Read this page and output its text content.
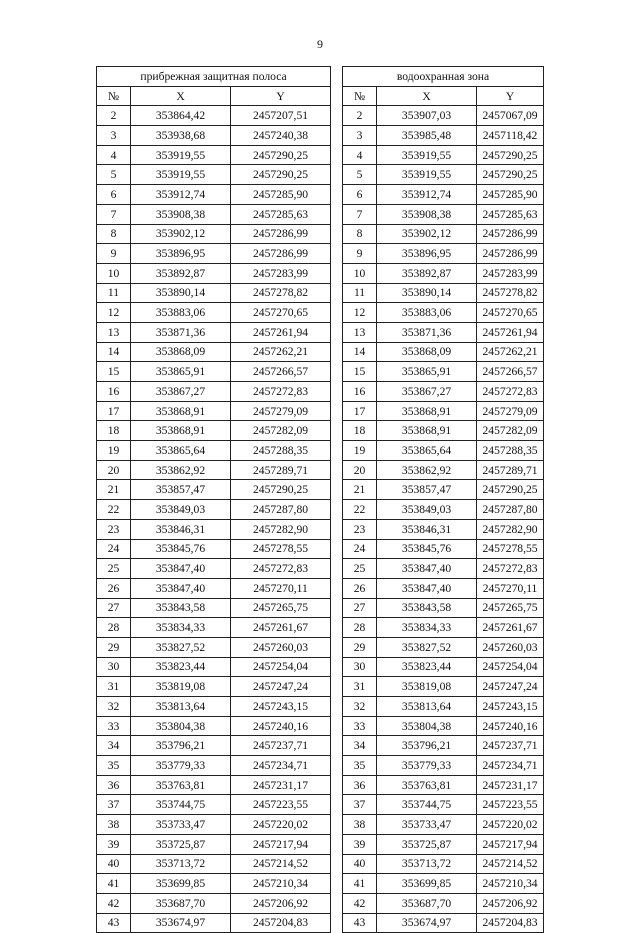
9
прибрежная защитная полоса				водоохранная зона		
№	X	Y		№	X	Y
2	353864,42	2457207,51		2	353907,03	2457067,09
3	353938,68	2457240,38		3	353985,48	2457118,42
4	353919,55	2457290,25		4	353919,55	2457290,25
5	353919,55	2457290,25		5	353919,55	2457290,25
6	353912,74	2457285,90		6	353912,74	2457285,90
7	353908,38	2457285,63		7	353908,38	2457285,63
8	353902,12	2457286,99		8	353902,12	2457286,99
9	353896,95	2457286,99		9	353896,95	2457286,99
10	353892,87	2457283,99		10	353892,87	2457283,99
11	353890,14	2457278,82		11	353890,14	2457278,82
12	353883,06	2457270,65		12	353883,06	2457270,65
13	353871,36	2457261,94		13	353871,36	2457261,94
14	353868,09	2457262,21		14	353868,09	2457262,21
15	353865,91	2457266,57		15	353865,91	2457266,57
16	353867,27	2457272,83		16	353867,27	2457272,83
17	353868,91	2457279,09		17	353868,91	2457279,09
18	353868,91	2457282,09		18	353868,91	2457282,09
19	353865,64	2457288,35		19	353865,64	2457288,35
20	353862,92	2457289,71		20	353862,92	2457289,71
21	353857,47	2457290,25		21	353857,47	2457290,25
22	353849,03	2457287,80		22	353849,03	2457287,80
23	353846,31	2457282,90		23	353846,31	2457282,90
24	353845,76	2457278,55		24	353845,76	2457278,55
25	353847,40	2457272,83		25	353847,40	2457272,83
26	353847,40	2457270,11		26	353847,40	2457270,11
27	353843,58	2457265,75		27	353843,58	2457265,75
28	353834,33	2457261,67		28	353834,33	2457261,67
29	353827,52	2457260,03		29	353827,52	2457260,03
30	353823,44	2457254,04		30	353823,44	2457254,04
31	353819,08	2457247,24		31	353819,08	2457247,24
32	353813,64	2457243,15		32	353813,64	2457243,15
33	353804,38	2457240,16		33	353804,38	2457240,16
34	353796,21	2457237,71		34	353796,21	2457237,71
35	353779,33	2457234,71		35	353779,33	2457234,71
36	353763,81	2457231,17		36	353763,81	2457231,17
37	353744,75	2457223,55		37	353744,75	2457223,55
38	353733,47	2457220,02		38	353733,47	2457220,02
39	353725,87	2457217,94		39	353725,87	2457217,94
40	353713,72	2457214,52		40	353713,72	2457214,52
41	353699,85	2457210,34		41	353699,85	2457210,34
42	353687,70	2457206,92		42	353687,70	2457206,92
43	353674,97	2457204,83		43	353674,97	2457204,83
